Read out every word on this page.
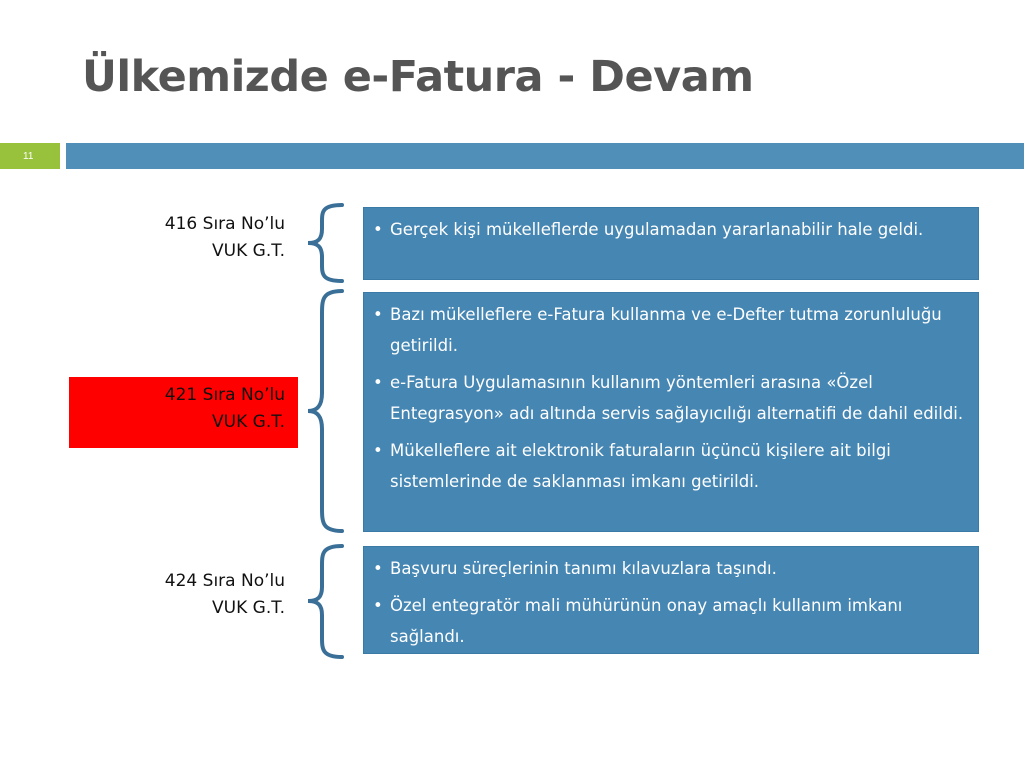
Ülkemizde e-Fatura - Devam
11
416 Sıra No’lu
VUK G.T.
421 Sıra No’lu
VUK G.T.
424 Sıra No’lu
VUK G.T.
• Gerçek kişi mükelleflerde uygulamadan yararlanabilir hale geldi.
• Bazı mükelleflere e-Fatura kullanma ve e-Defter tutma zorunluluğu getirildi.
• e-Fatura Uygulamasının kullanım yöntemleri arasına «Özel Entegrasyon» adı altında servis sağlayıcılığı alternatifi de dahil edildi.
• Mükelleflere ait elektronik faturaların üçüncü kişilere ait bilgi sistemlerinde de saklanması imkanı getirildi.
• Başvuru süreçlerinin tanımı kılavuzlara taşındı.
• Özel entegratör mali mühürünün onay amaçlı kullanım imkanı sağlandı.
